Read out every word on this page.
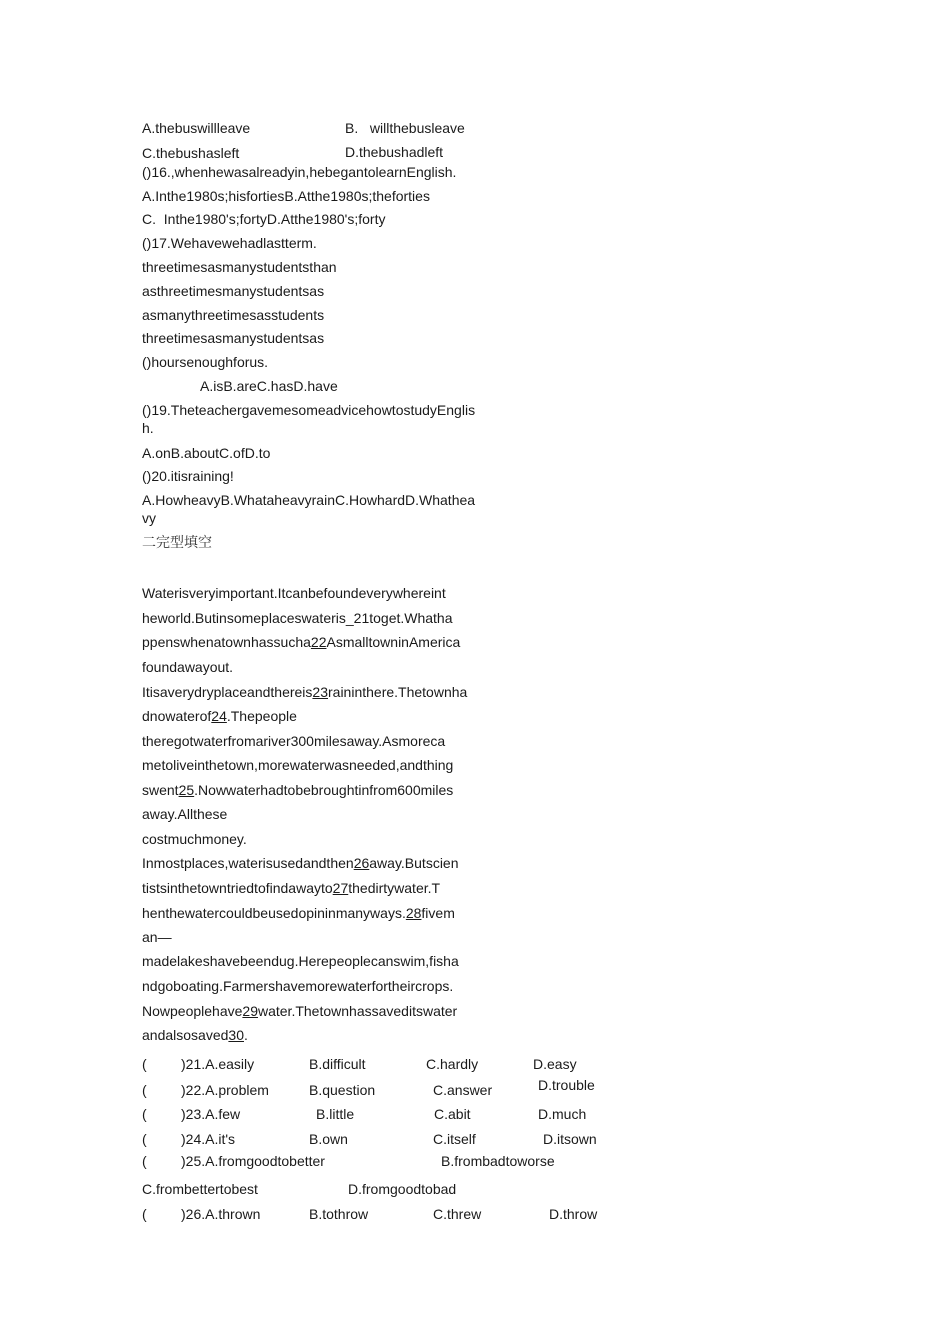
A.thebuswillleave	B.   willthebusleave
C.thebushasleft	D.thebushadleft
()16.,whenhewasalreadyin,hebegantolearnEnglish.
A.Inthe1980s;hisfortiesB.Atthe1980s;theforties
C.  Inthe1980's;fortyD.Atthe1980's;forty
()17.Wehavewehadlastterm.
threetimesasmanystudentsthan
asthreetimesmanystudentsas
asmanythreetimesasstudents
threetimesasmanystudentsas
()hoursenoughforus.
A.isB.areC.hasD.have
()19.TheteachergavemesomeadvicehowtostudyEnglish.
A.onB.aboutC.ofD.to
()20.itisraining!
A.HowheavyB.WhataheavyrainC.HowhardD.Whatheavy
二完型填空
Waterisveryimportant.Itcanbefoundeverywhereint
heworld.Butinsomeplaceswateris_21toget.Whatha
ppenswhenatownhassucha22AsmalltowninAmerica
foundawayout.
Itisaverydryplaceandthereis23raininthere.Thetownha
dnowaterof24.Thepeople
theregotwaterfromariver300milesaway.Asmoreca
metoliveinthetown,morewaterwasneeded,andthing
swent25.Nowwaterhadtobebroughtinfrom600miles
away.Allthese
costmuchmoney.
Inmostplaces,waterisusedandthen26away.Butscien
tistsinthetowntriedtofindawayto27thedirtywater.T
henthewatercouldbeusedopininmanyways.28fivem
an—
madelakeshavebeendug.Herepeoplecanswim,fisha
ndgoboating.Farmershavemorewaterfortheircrops.
Nowpeoplehave29water.Thetownhassaveditswater
andalsosaved30.
( )21.A.easily	B.difficult	C.hardly	D.easy
( )22.A.problem	B.question	C.answer	D.trouble
( )23.A.few	B.little	C.abit	D.much
( )24.A.it's	B.own	C.itself	D.itsown
( )25.A.fromgoodtobetter	B.frombadtoworse
C.frombettertobest	D.fromgoodtobad
( )26.A.thrown	B.tothrow	C.threw	D.throw
